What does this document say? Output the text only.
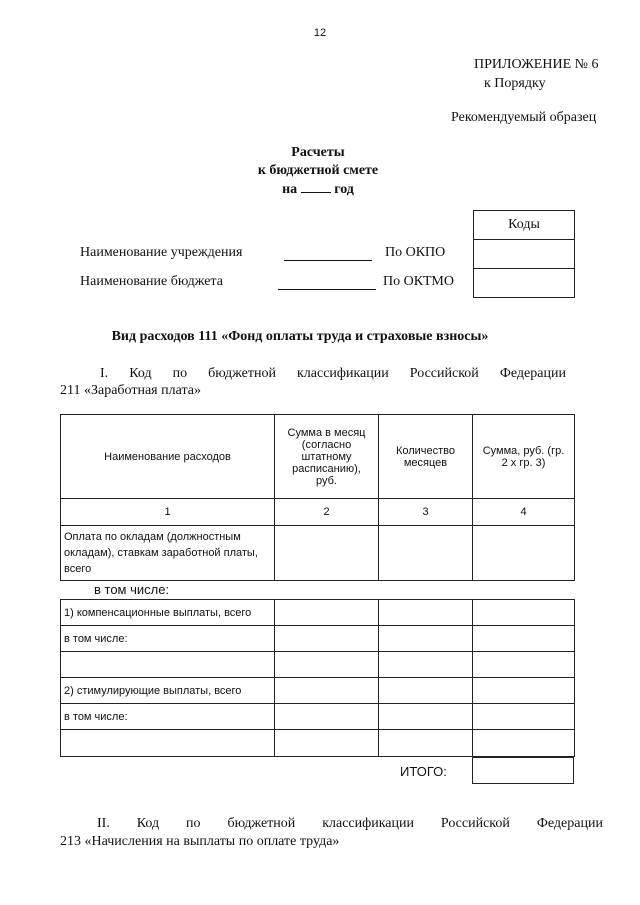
12
ПРИЛОЖЕНИЕ № 6
к Порядку
Рекомендуемый образец
Расчеты
к бюджетной смете
на	год
Коды

Наименование учреждения	По ОКПО
Наименование бюджета	По ОКТМО
Вид расходов 111 «Фонд оплаты труда и страховые взносы»
I. Код по бюджетной классификации Российской Федерации
211 «Заработная плата»
Наименование расходов	Сумма в месяц (согласно штатному расписанию), руб.	Количество месяцев	Сумма, руб. (гр. 2 х гр. 3)
1	2	3	4
Оплата по окладам (должностным окладам), ставкам заработной платы, всего			
в том числе:
1) компенсационные выплаты, всего			
в том числе:			

2) стимулирующие выплаты, всего			
в том числе:			

ИТОГО:
II. Код по бюджетной классификации Российской Федерации
213 «Начисления на выплаты по оплате труда»
